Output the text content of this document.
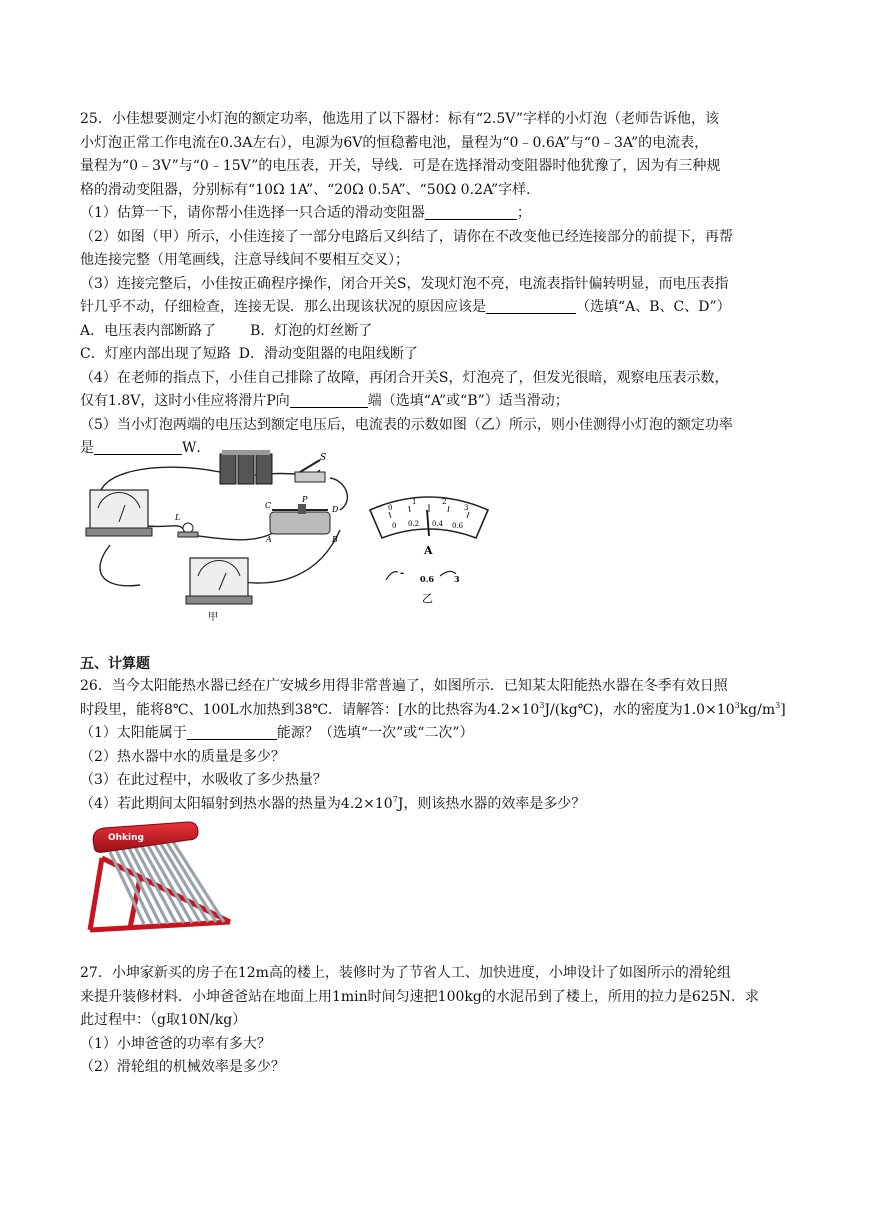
25．小佳想要测定小灯泡的额定功率，他选用了以下器材：标有“2.5V”字样的小灯泡（老师告诉他，该
小灯泡正常工作电流在0.3A左右），电源为6V的恒稳蓄电池，量程为“0﹣0.6A”与“0﹣3A”的电流表，
量程为“0﹣3V”与“0﹣15V”的电压表，开关，导线．可是在选择滑动变阻器时他犹豫了，因为有三种规
格的滑动变阻器，分别标有“10Ω 1A”、“20Ω 0.5A”、“50Ω 0.2A”字样．
（1）估算一下，请你帮小佳选择一只合适的滑动变阻器	；
（2）如图（甲）所示，小佳连接了一部分电路后又纠结了，请你在不改变他已经连接部分的前提下，再帮
他连接完整（用笔画线，注意导线间不要相互交叉）；
（3）连接完整后，小佳按正确程序操作，闭合开关S，发现灯泡不亮，电流表指针偏转明显，而电压表指
针几乎不动，仔细检查，连接无误．那么出现该状况的原因应该是	（选填“A、B、C、D”）
A．电压表内部断路了 B．灯泡的灯丝断了
C．灯座内部出现了短路 D．滑动变阻器的电阻线断了
（4）在老师的指点下，小佳自己排除了故障，再闭合开关S，灯泡亮了，但发光很暗，观察电压表示数，
仅有1.8V，这时小佳应将滑片P向	端（选填“A”或“B”）适当滑动；
（5）当小灯泡两端的电压达到额定电压后，电流表的示数如图（乙）所示，则小佳测得小灯泡的额定功率
是	W．
S
P
C	D
A	B
L
甲
0
1	2
3
0 0.2 0.4 0.6
A
- 0.6	3
乙
五、计算题
26．当今太阳能热水器已经在广安城乡用得非常普遍了，如图所示．已知某太阳能热水器在冬季有效日照
时段里，能将8℃、100L水加热到38℃．请解答：[水的比热容为$4.2\times 10^3J/(kg℃)$，水的密度为$1.0\times 10^3kg/m^3$]
（1）太阳能属于	能源？（选填“一次”或“二次”）
（2）热水器中水的质量是多少？
（3）在此过程中，水吸收了多少热量？
（4）若此期间太阳辐射到热水器的热量为$4.2\times 10^7J$，则该热水器的效率是多少？
Ohking
27．小坤家新买的房子在12m高的楼上，装修时为了节省人工、加快进度，小坤设计了如图所示的滑轮组
来提升装修材料．小坤爸爸站在地面上用1min时间匀速把100kg的水泥吊到了楼上，所用的拉力是625N．求
此过程中：（g取10N/kg）
（1）小坤爸爸的功率有多大？
（2）滑轮组的机械效率是多少？
